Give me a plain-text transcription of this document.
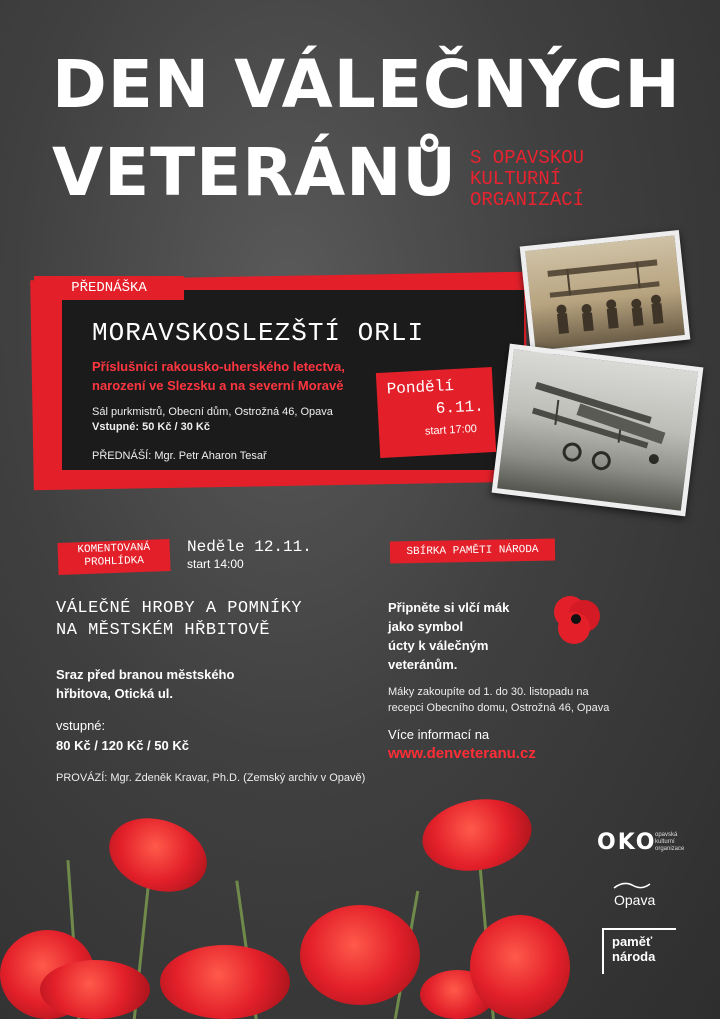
DEN VÁLEČNÝCH
VETERÁNŮ S OPAVSKOU
KULTURNÍ
ORGANIZACÍ
PŘEDNÁŠKA
MORAVSKOSLEZŠTÍ ORLI
Příslušníci rakousko-uherského letectva,
narození ve Slezsku a na severní Moravě
Sál purkmistrů, Obecní dům, Ostrožná 46, Opava
Vstupné: 50 Kč / 30 Kč
PŘEDNÁŠÍ: Mgr. Petr Aharon Tesař
Pondělí
6.11.
start 17:00
KOMENTOVANÁ
PROHLÍDKA
Neděle 12.11.
start 14:00
VÁLEČNÉ HROBY A POMNÍKY
NA MĚSTSKÉM HŘBITOVĚ
Sraz před branou městského
hřbitova, Otická ul.
vstupné:
80 Kč / 120 Kč / 50 Kč
PROVÁZÍ: Mgr. Zdeněk Kravar, Ph.D. (Zemský archiv v Opavě)
SBÍRKA PAMĚTI NÁRODA
Připněte si vlčí mák
jako symbol
úcty k válečným
veteránům.
Máky zakoupíte od 1. do 30. listopadu na
recepci Obecního domu, Ostrožná 46, Opava
Více informací na
www.denveteranu.cz
OKO
opavská
kulturní
organizace
Opava
paměť
národa
